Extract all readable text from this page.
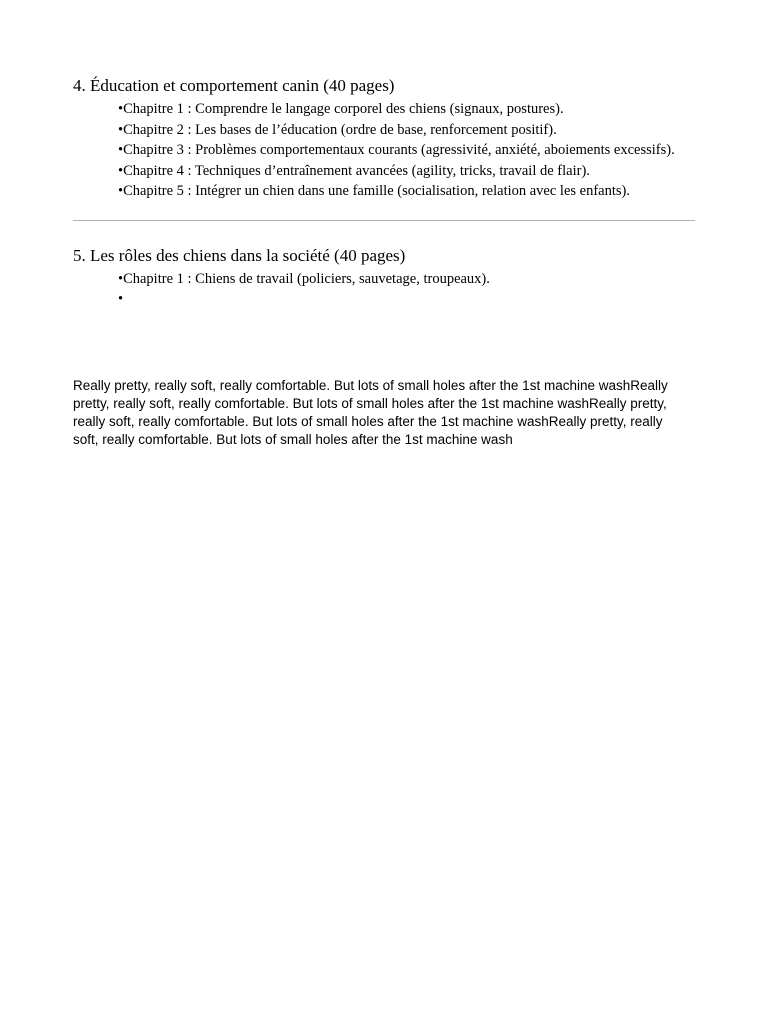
4. Éducation et comportement canin (40 pages)
•Chapitre 1 : Comprendre le langage corporel des chiens (signaux, postures).
•Chapitre 2 : Les bases de l’éducation (ordre de base, renforcement positif).
•Chapitre 3 : Problèmes comportementaux courants (agressivité, anxiété, aboiements excessifs).
•Chapitre 4 : Techniques d’entraînement avancées (agility, tricks, travail de flair).
•Chapitre 5 : Intégrer un chien dans une famille (socialisation, relation avec les enfants).
5. Les rôles des chiens dans la société (40 pages)
•Chapitre 1 : Chiens de travail (policiers, sauvetage, troupeaux).
•

Really pretty, really soft, really comfortable. But lots of small holes after the 1st machine washReally pretty, really soft, really comfortable. But lots of small holes after the 1st machine washReally pretty, really soft, really comfortable. But lots of small holes after the 1st machine washReally pretty, really soft, really comfortable. But lots of small holes after the 1st machine wash
